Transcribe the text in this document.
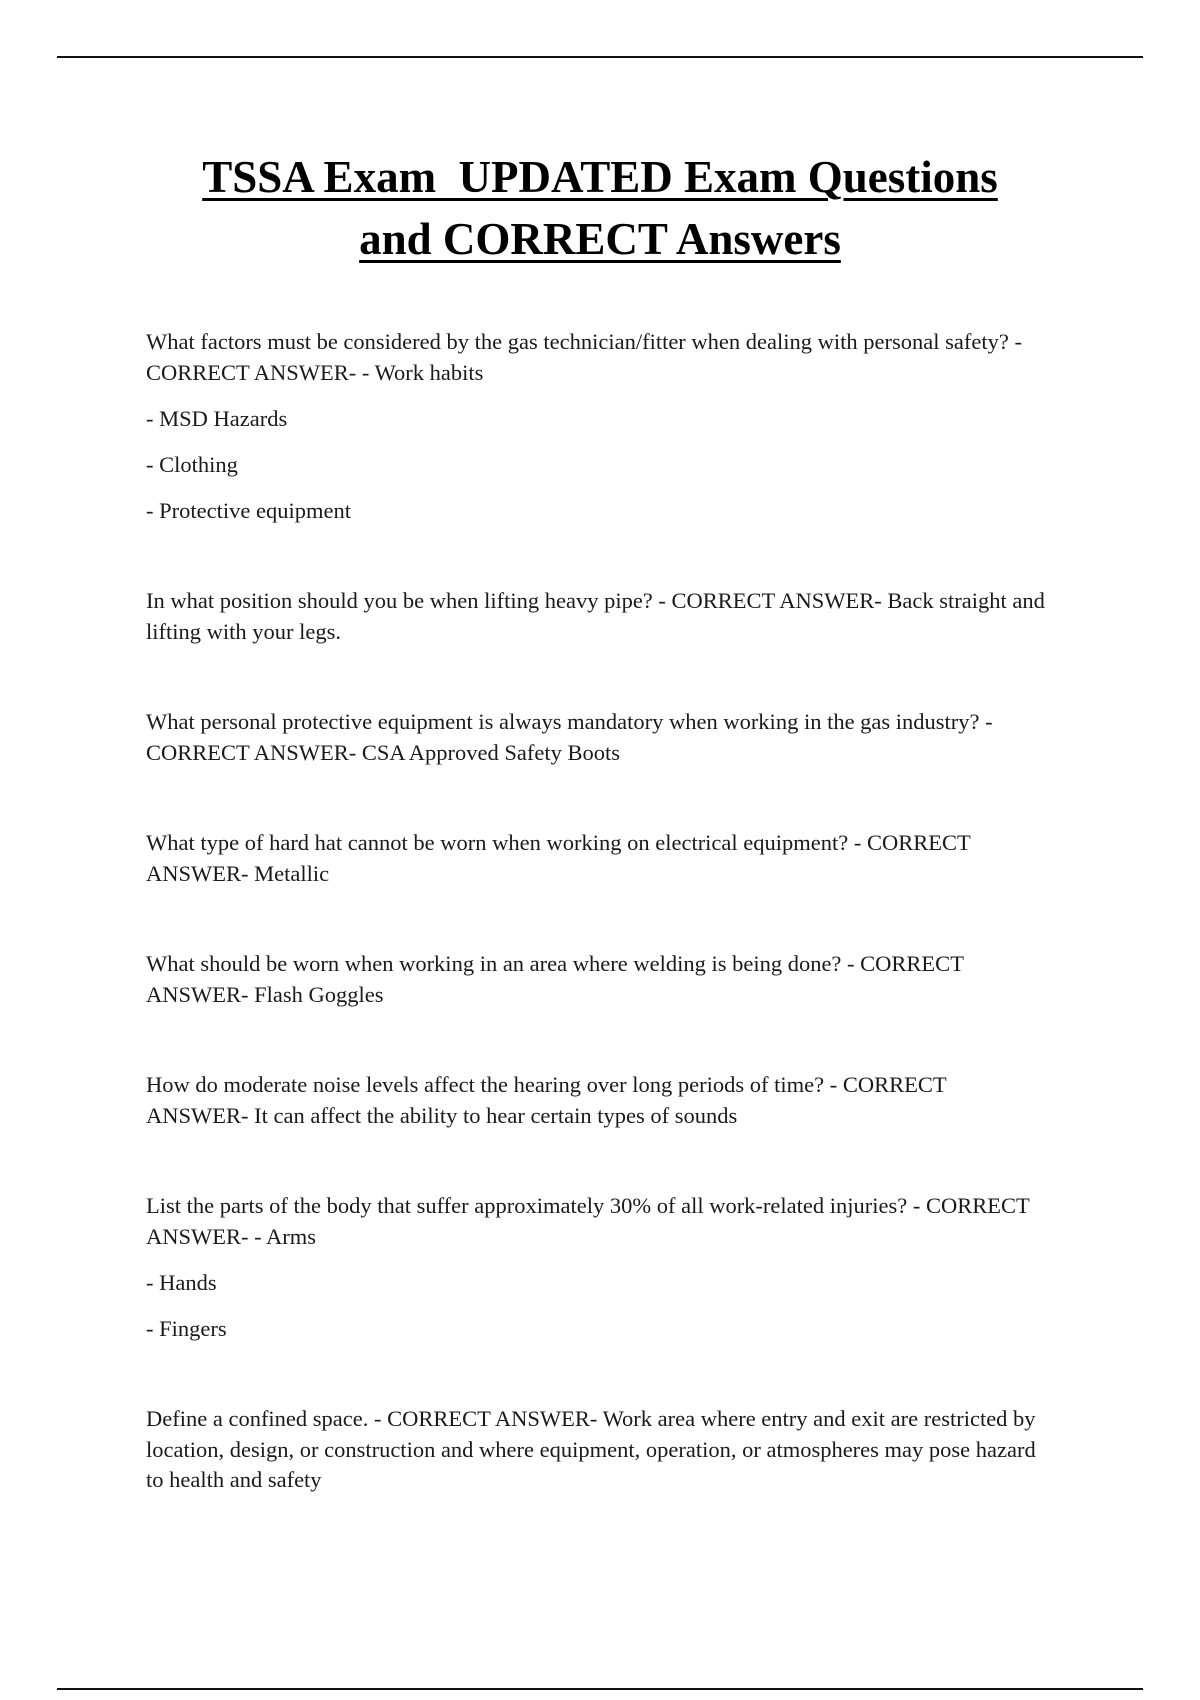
TSSA Exam  UPDATED Exam Questions
and CORRECT Answers

What factors must be considered by the gas technician/fitter when dealing with personal safety? - CORRECT ANSWER- - Work habits

- MSD Hazards

- Clothing

- Protective equipment

In what position should you be when lifting heavy pipe? - CORRECT ANSWER- Back straight and lifting with your legs.

What personal protective equipment is always mandatory when working in the gas industry? - CORRECT ANSWER- CSA Approved Safety Boots

What type of hard hat cannot be worn when working on electrical equipment? - CORRECT ANSWER- Metallic

What should be worn when working in an area where welding is being done? - CORRECT ANSWER- Flash Goggles

How do moderate noise levels affect the hearing over long periods of time? - CORRECT ANSWER- It can affect the ability to hear certain types of sounds

List the parts of the body that suffer approximately 30% of all work-related injuries? - CORRECT ANSWER- - Arms

- Hands

- Fingers

Define a confined space. - CORRECT ANSWER- Work area where entry and exit are restricted by location, design, or construction and where equipment, operation, or atmospheres may pose hazard to health and safety
